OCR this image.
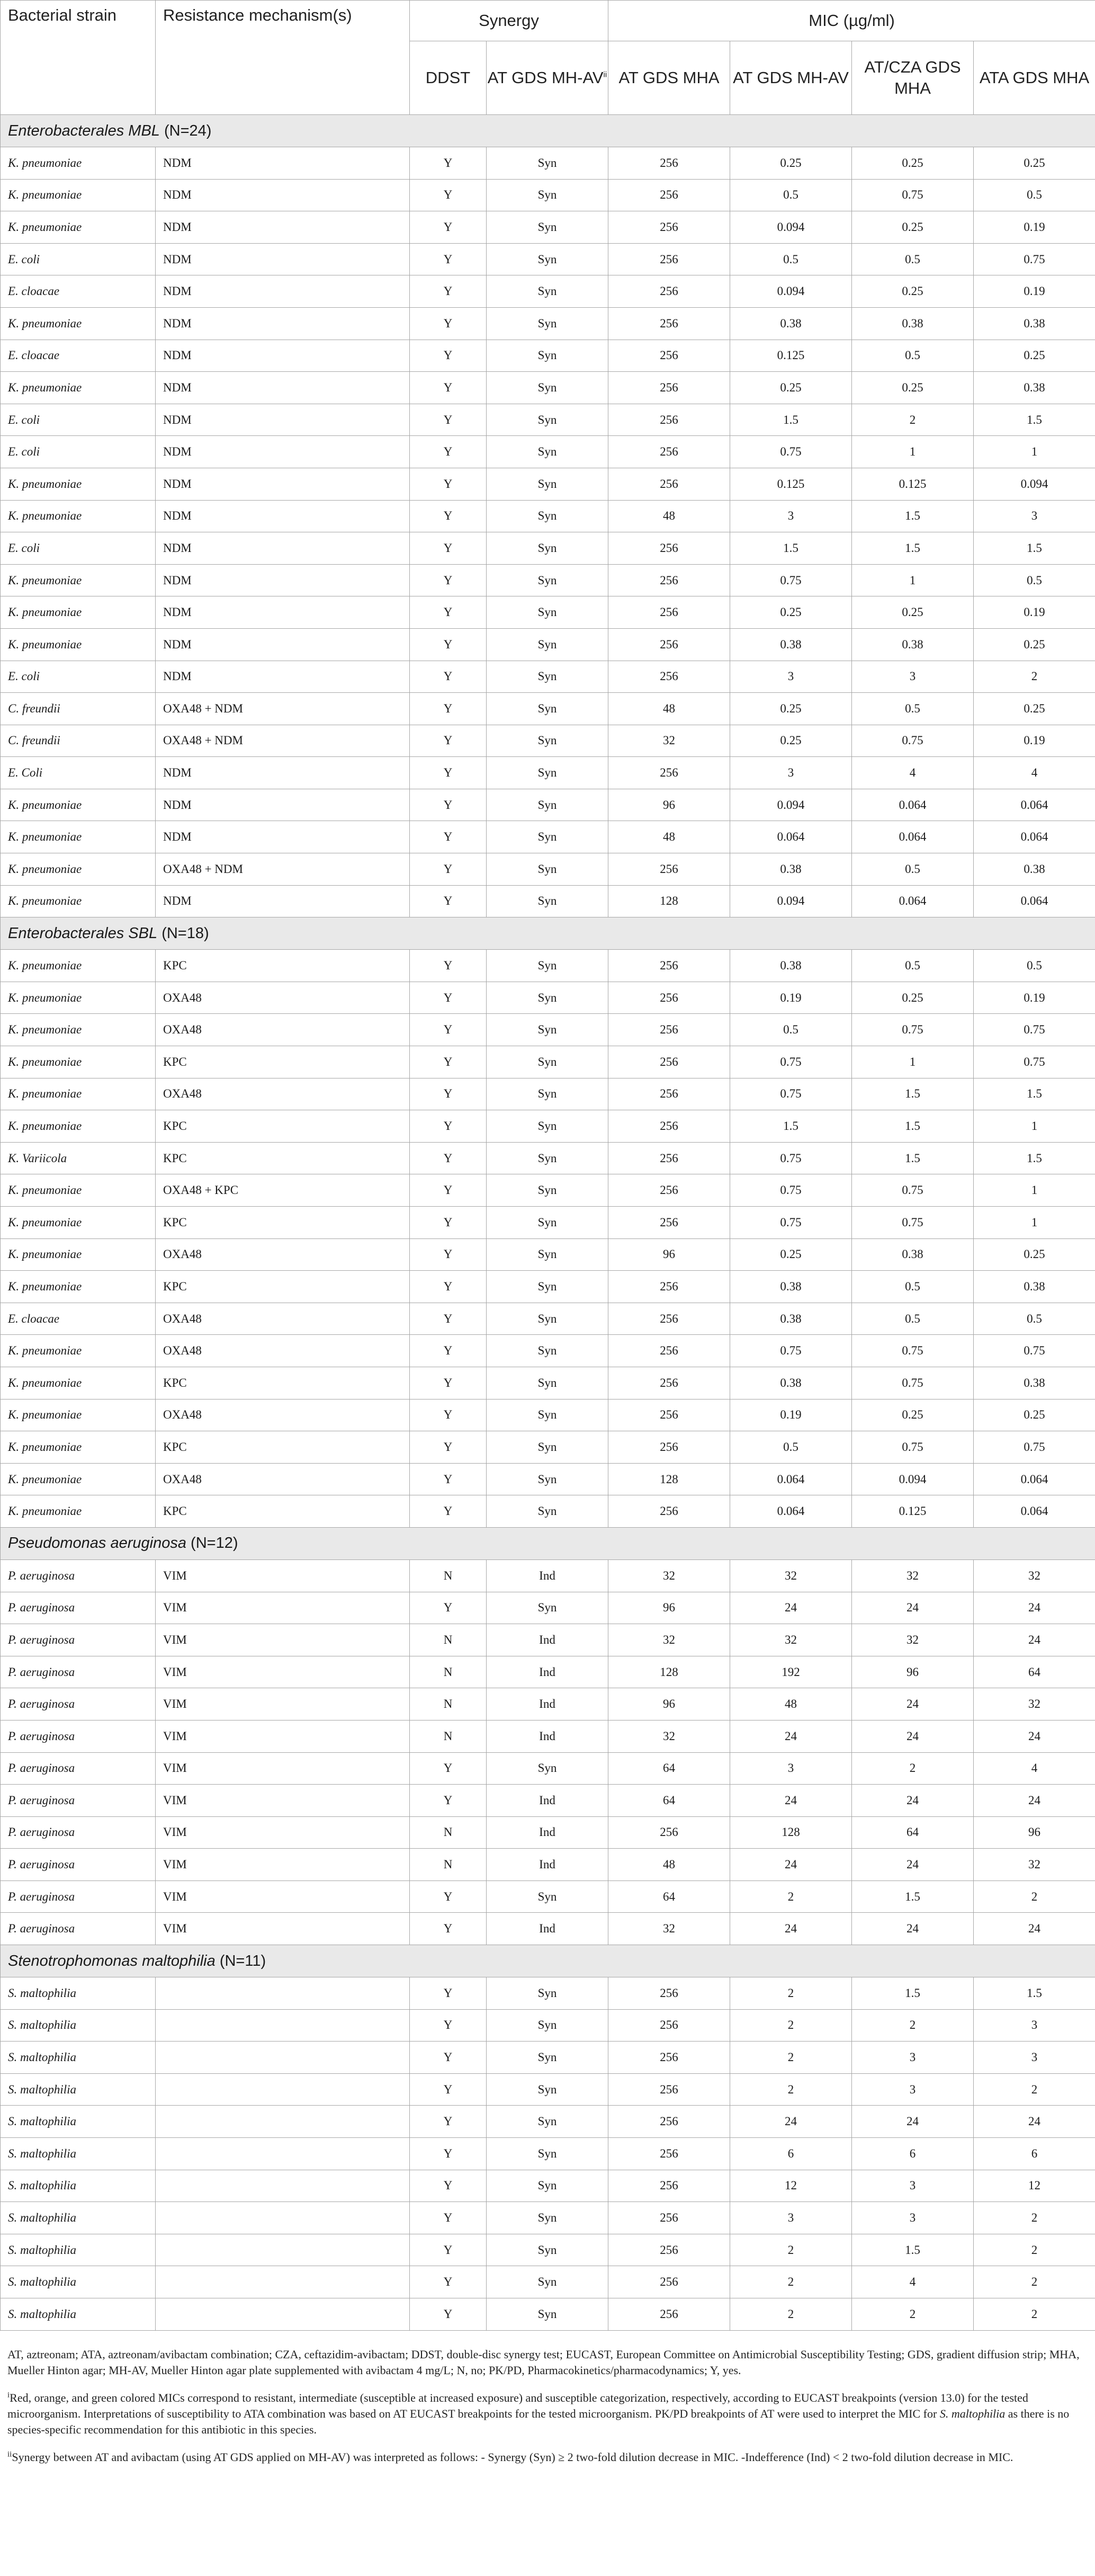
Bacterial strain	Resistance mechanism(s)	Synergy		MIC (µg/ml)			
		DDST	AT GDS MH-AV$^{ii}$	AT GDS MHA	AT GDS MH-AV	AT/CZA GDS MHA	ATA GDS MHA
Enterobacterales MBL (N=24)							
K. pneumoniae	NDM	Y	Syn	256	0.25	0.25	0.25
K. pneumoniae	NDM	Y	Syn	256	0.5	0.75	0.5
K. pneumoniae	NDM	Y	Syn	256	0.094	0.25	0.19
E. coli	NDM	Y	Syn	256	0.5	0.5	0.75
E. cloacae	NDM	Y	Syn	256	0.094	0.25	0.19
K. pneumoniae	NDM	Y	Syn	256	0.38	0.38	0.38
E. cloacae	NDM	Y	Syn	256	0.125	0.5	0.25
K. pneumoniae	NDM	Y	Syn	256	0.25	0.25	0.38
E. coli	NDM	Y	Syn	256	1.5	2	1.5
E. coli	NDM	Y	Syn	256	0.75	1	1
K. pneumoniae	NDM	Y	Syn	256	0.125	0.125	0.094
K. pneumoniae	NDM	Y	Syn	48	3	1.5	3
E. coli	NDM	Y	Syn	256	1.5	1.5	1.5
K. pneumoniae	NDM	Y	Syn	256	0.75	1	0.5
K. pneumoniae	NDM	Y	Syn	256	0.25	0.25	0.19
K. pneumoniae	NDM	Y	Syn	256	0.38	0.38	0.25
E. coli	NDM	Y	Syn	256	3	3	2
C. freundii	OXA48 + NDM	Y	Syn	48	0.25	0.5	0.25
C. freundii	OXA48 + NDM	Y	Syn	32	0.25	0.75	0.19
E. Coli	NDM	Y	Syn	256	3	4	4
K. pneumoniae	NDM	Y	Syn	96	0.094	0.064	0.064
K. pneumoniae	NDM	Y	Syn	48	0.064	0.064	0.064
K. pneumoniae	OXA48 + NDM	Y	Syn	256	0.38	0.5	0.38
K. pneumoniae	NDM	Y	Syn	128	0.094	0.064	0.064
Enterobacterales SBL (N=18)							
K. pneumoniae	KPC	Y	Syn	256	0.38	0.5	0.5
K. pneumoniae	OXA48	Y	Syn	256	0.19	0.25	0.19
K. pneumoniae	OXA48	Y	Syn	256	0.5	0.75	0.75
K. pneumoniae	KPC	Y	Syn	256	0.75	1	0.75
K. pneumoniae	OXA48	Y	Syn	256	0.75	1.5	1.5
K. pneumoniae	KPC	Y	Syn	256	1.5	1.5	1
K. Variicola	KPC	Y	Syn	256	0.75	1.5	1.5
K. pneumoniae	OXA48 + KPC	Y	Syn	256	0.75	0.75	1
K. pneumoniae	KPC	Y	Syn	256	0.75	0.75	1
K. pneumoniae	OXA48	Y	Syn	96	0.25	0.38	0.25
K. pneumoniae	KPC	Y	Syn	256	0.38	0.5	0.38
E. cloacae	OXA48	Y	Syn	256	0.38	0.5	0.5
K. pneumoniae	OXA48	Y	Syn	256	0.75	0.75	0.75
K. pneumoniae	KPC	Y	Syn	256	0.38	0.75	0.38
K. pneumoniae	OXA48	Y	Syn	256	0.19	0.25	0.25
K. pneumoniae	KPC	Y	Syn	256	0.5	0.75	0.75
K. pneumoniae	OXA48	Y	Syn	128	0.064	0.094	0.064
K. pneumoniae	KPC	Y	Syn	256	0.064	0.125	0.064
Pseudomonas aeruginosa (N=12)							
P. aeruginosa	VIM	N	Ind	32	32	32	32
P. aeruginosa	VIM	Y	Syn	96	24	24	24
P. aeruginosa	VIM	N	Ind	32	32	32	24
P. aeruginosa	VIM	N	Ind	128	192	96	64
P. aeruginosa	VIM	N	Ind	96	48	24	32
P. aeruginosa	VIM	N	Ind	32	24	24	24
P. aeruginosa	VIM	Y	Syn	64	3	2	4
P. aeruginosa	VIM	Y	Ind	64	24	24	24
P. aeruginosa	VIM	N	Ind	256	128	64	96
P. aeruginosa	VIM	N	Ind	48	24	24	32
P. aeruginosa	VIM	Y	Syn	64	2	1.5	2
P. aeruginosa	VIM	Y	Ind	32	24	24	24
Stenotrophomonas maltophilia (N=11)							
S. maltophilia		Y	Syn	256	2	1.5	1.5
S. maltophilia		Y	Syn	256	2	2	3
S. maltophilia		Y	Syn	256	2	3	3
S. maltophilia		Y	Syn	256	2	3	2
S. maltophilia		Y	Syn	256	24	24	24
S. maltophilia		Y	Syn	256	6	6	6
S. maltophilia		Y	Syn	256	12	3	12
S. maltophilia		Y	Syn	256	3	3	2
S. maltophilia		Y	Syn	256	2	1.5	2
S. maltophilia		Y	Syn	256	2	4	2
S. maltophilia		Y	Syn	256	2	2	2

AT, aztreonam; ATA, aztreonam/avibactam combination; CZA, ceftazidim-avibactam; DDST, double-disc synergy test; EUCAST, European Committee on Antimicrobial Susceptibility Testing; GDS, gradient diffusion strip; MHA, Mueller Hinton agar; MH-AV, Mueller Hinton agar plate supplemented with avibactam 4 mg/L; N, no; PK/PD, Pharmacokinetics/pharmacodynamics; Y, yes.

$^i$Red, orange, and green colored MICs correspond to resistant, intermediate (susceptible at increased exposure) and susceptible categorization, respectively, according to EUCAST breakpoints (version 13.0) for the tested microorganism. Interpretations of susceptibility to ATA combination was based on AT EUCAST breakpoints for the tested microorganism. PK/PD breakpoints of AT were used to interpret the MIC for S. maltophilia as there is no species-specific recommendation for this antibiotic in this species.

$^{ii}$Synergy between AT and avibactam (using AT GDS applied on MH-AV) was interpreted as follows: - Synergy (Syn) ≥ 2 two-fold dilution decrease in MIC. -Indefference (Ind) < 2 two-fold dilution decrease in MIC.
